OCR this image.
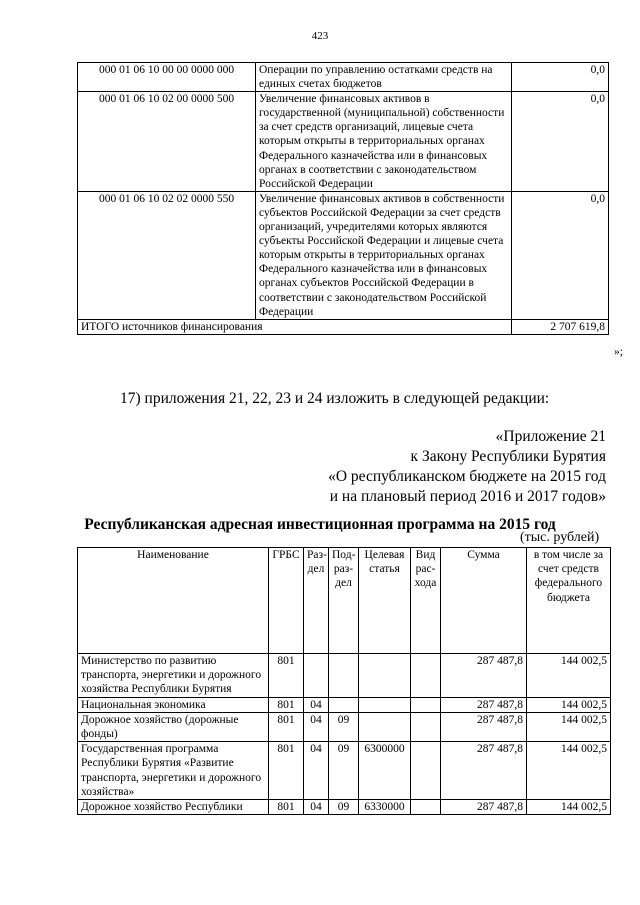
423
000 01 06 10 00 00 0000 000	Операции по управлению остатками средств на единых счетах бюджетов	0,0
000 01 06 10 02 00 0000 500	Увеличение финансовых активов в государственной (муниципальной) собственности за счет средств организаций, лицевые счета которым открыты в территориальных органах Федерального казначейства или в финансовых органах в соответствии с законодательством Российской Федерации	0,0
000 01 06 10 02 02 0000 550	Увеличение финансовых активов в собственности субъектов Российской Федерации за счет средств организаций, учредителями которых являются субъекты Российской Федерации и лицевые счета которым открыты в территориальных органах Федерального казначейства или в финансовых органах субъектов Российской Федерации в соответствии с законодательством Российской Федерации	0,0
ИТОГО источников финансирования		2 707 619,8
»;
17) приложения 21, 22, 23 и 24 изложить в следующей редакции:
«Приложение 21
к Закону Республики Бурятия
«О республиканском бюджете на 2015 год
и на плановый период 2016 и 2017 годов»
Республиканская адресная инвестиционная программа на 2015 год
(тыс. рублей)
Наименование	ГРБС	Раз-дел	Под-раз-дел	Целевая статья	Вид рас-хода	Сумма	в том числе за счет средств федерального бюджета
Министерство по развитию транспорта, энергетики и дорожного хозяйства Республики Бурятия	801					287 487,8	144 002,5
Национальная экономика	801	04				287 487,8	144 002,5
Дорожное хозяйство (дорожные фонды)	801	04	09			287 487,8	144 002,5
Государственная программа Республики Бурятия «Развитие транспорта, энергетики и дорожного хозяйства»	801	04	09	6300000		287 487,8	144 002,5
Дорожное хозяйство Республики	801	04	09	6330000		287 487,8	144 002,5
